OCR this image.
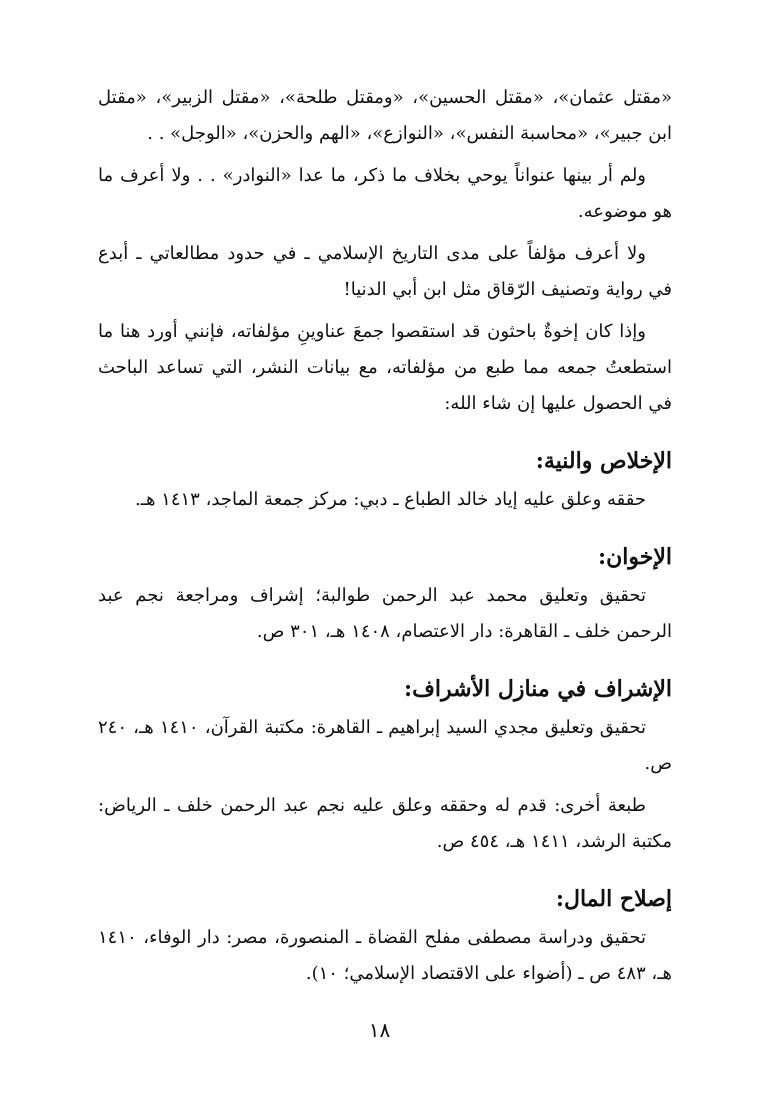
«مقتل عثمان»، «مقتل الحسين»، «ومقتل طلحة»، «مقتل الزبير»، «مقتل ابن جبير»، «محاسبة النفس»، «النوازع»، «الهم والحزن»، «الوجل» . .

ولم أر بينها عنواناً يوحي بخلاف ما ذكر، ما عدا «النوادر» . . ولا أعرف ما هو موضوعه.

ولا أعرف مؤلفاً على مدى التاريخ الإسلامي ـ في حدود مطالعاتي ـ أبدع في رواية وتصنيف الرّقاق مثل ابن أبي الدنيا!

وإذا كان إخوةٌ باحثون قد استقصوا جمعَ عناوينِ مؤلفاته، فإنني أورد هنا ما استطعتُ جمعه مما طبع من مؤلفاته، مع بيانات النشر، التي تساعد الباحث في الحصول عليها إن شاء الله:

الإخلاص والنية:

حققه وعلق عليه إياد خالد الطباع ـ دبي: مركز جمعة الماجد، ١٤١٣ هـ.

الإخوان:

تحقيق وتعليق محمد عبد الرحمن طوالبة؛ إشراف ومراجعة نجم عبد الرحمن خلف ـ القاهرة: دار الاعتصام، ١٤٠٨ هـ، ٣٠١ ص.

الإشراف في منازل الأشراف:

تحقيق وتعليق مجدي السيد إبراهيم ـ القاهرة: مكتبة القرآن، ١٤١٠ هـ، ٢٤٠ ص.

طبعة أخرى: قدم له وحققه وعلق عليه نجم عبد الرحمن خلف ـ الرياض: مكتبة الرشد، ١٤١١ هـ، ٤٥٤ ص.

إصلاح المال:

تحقيق ودراسة مصطفى مفلح القضاة ـ المنصورة، مصر: دار الوفاء، ١٤١٠ هـ، ٤٨٣ ص ـ (أضواء على الاقتصاد الإسلامي؛ ١٠).

١٨
